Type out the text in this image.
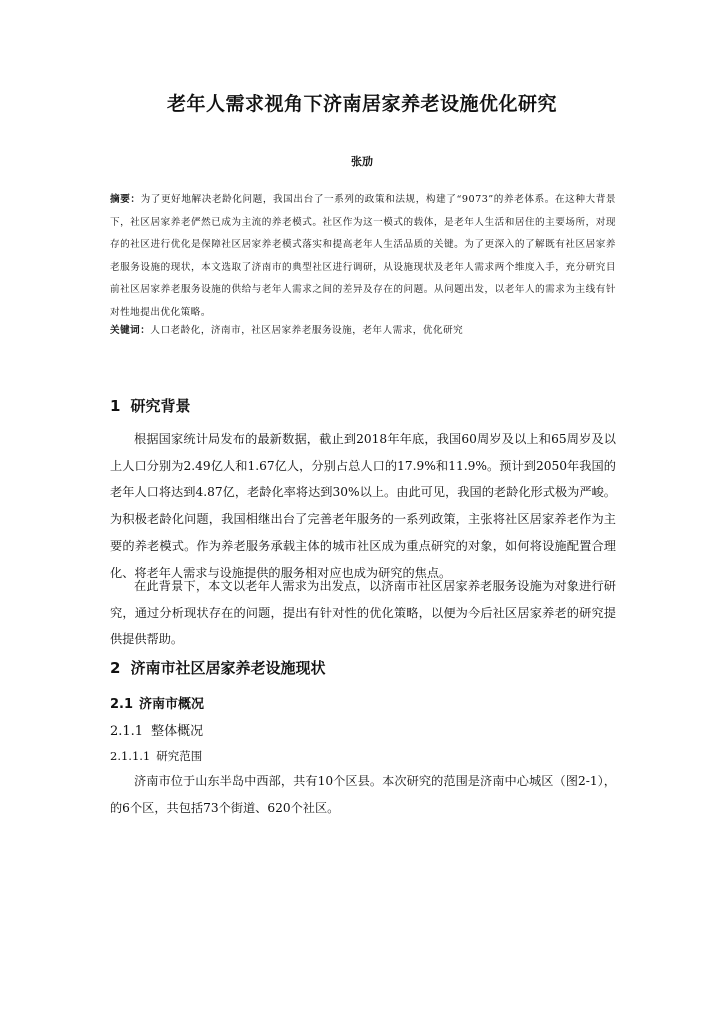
老年人需求视角下济南居家养老设施优化研究
张劢
摘要：为了更好地解决老龄化问题，我国出台了一系列的政策和法规，构建了“9073”的养老体系。在这种大背景下，社区居家养老俨然已成为主流的养老模式。社区作为这一模式的载体，是老年人生活和居住的主要场所，对现存的社区进行优化是保障社区居家养老模式落实和提高老年人生活品质的关键。为了更深入的了解既有社区居家养老服务设施的现状，本文选取了济南市的典型社区进行调研，从设施现状及老年人需求两个维度入手，充分研究目前社区居家养老服务设施的供给与老年人需求之间的差异及存在的问题。从问题出发，以老年人的需求为主线有针对性地提出优化策略。
关键词：人口老龄化，济南市，社区居家养老服务设施，老年人需求，优化研究
1 研究背景

根据国家统计局发布的最新数据，截止到2018年年底，我国60周岁及以上和65周岁及以上人口分别为2.49亿人和1.67亿人，分别占总人口的17.9%和11.9%。预计到2050年我国的老年人口将达到4.87亿，老龄化率将达到30%以上。由此可见，我国的老龄化形式极为严峻。为积极老龄化问题，我国相继出台了完善老年服务的一系列政策，主张将社区居家养老作为主要的养老模式。作为养老服务承载主体的城市社区成为重点研究的对象，如何将设施配置合理化、将老年人需求与设施提供的服务相对应也成为研究的焦点。

在此背景下，本文以老年人需求为出发点，以济南市社区居家养老服务设施为对象进行研究，通过分析现状存在的问题，提出有针对性的优化策略，以便为今后社区居家养老的研究提供提供帮助。

2 济南市社区居家养老设施现状
2.1 济南市概况
2.1.1 整体概况
2.1.1.1 研究范围

济南市位于山东半岛中西部，共有10个区县。本次研究的范围是济南中心城区（图2-1），的6个区，共包括73个街道、620个社区。
